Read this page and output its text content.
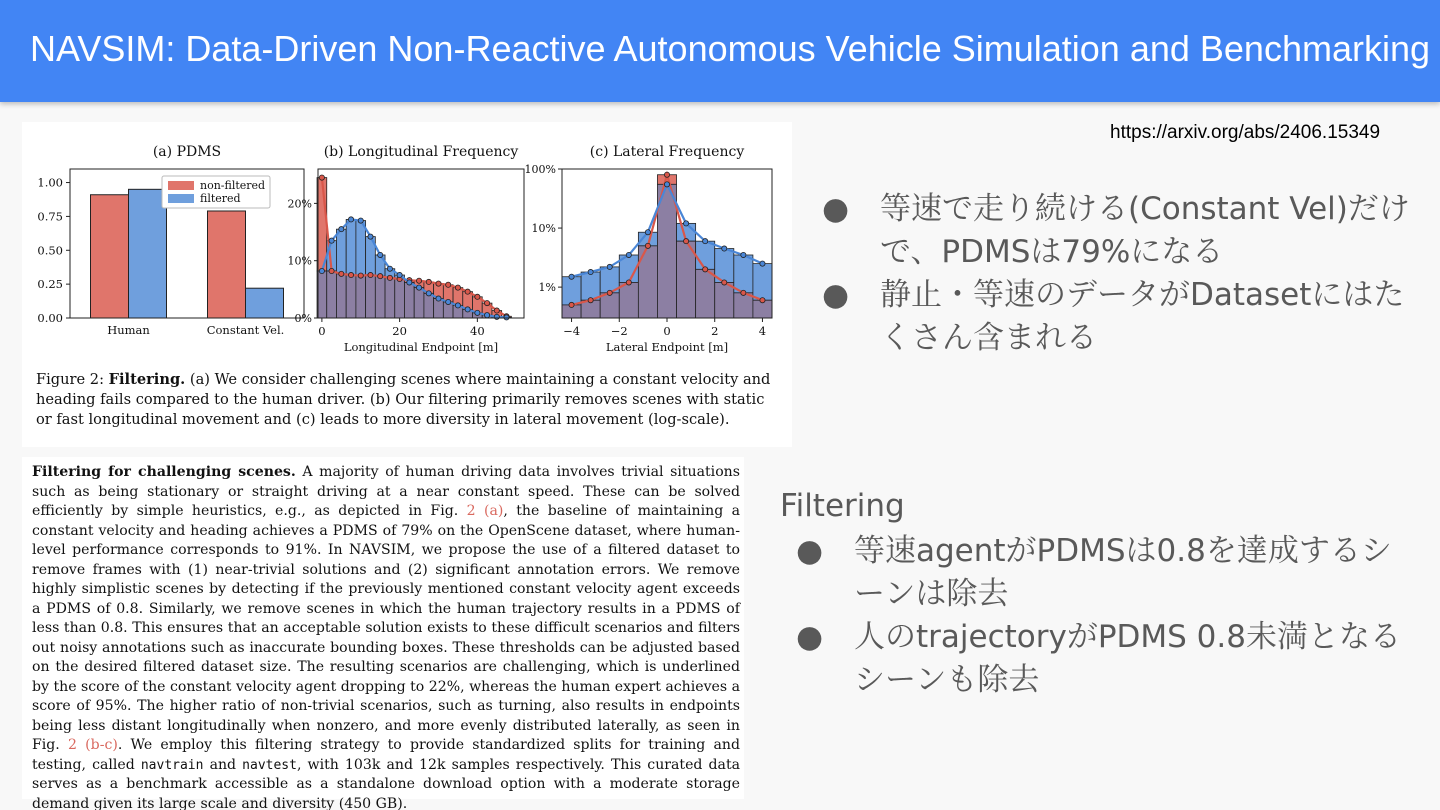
NAVSIM: Data-Driven Non-Reactive Autonomous Vehicle Simulation and Benchmarking
https://arxiv.org/abs/2406.15349
(a) PDMS
Human	Constant Vel.
0.00
0.25
0.50
0.75
1.00	non-filtered
filtered
(b) Longitudinal Frequency
0	20	40
0%
10%
20%
Longitudinal Endpoint [m]
(c) Lateral Frequency
−4	−2	0	2	4
1%
10%
100%
Lateral Endpoint [m]
Figure 2: Filtering. (a) We consider challenging scenes where maintaining a constant velocity and heading fails compared to the human driver. (b) Our filtering primarily removes scenes with static or fast longitudinal movement and (c) leads to more diversity in lateral movement (log-scale).
Filtering for challenging scenes. A majority of human driving data involves trivial situations such as being stationary or straight driving at a near constant speed. These can be solved efficiently by simple heuristics, e.g., as depicted in Fig. 2 (a), the baseline of maintaining a constant velocity and heading achieves a PDMS of 79% on the OpenScene dataset, where human-level performance corresponds to 91%. In NAVSIM, we propose the use of a filtered dataset to remove frames with (1) near-trivial solutions and (2) significant annotation errors. We remove highly simplistic scenes by detecting if the previously mentioned constant velocity agent exceeds a PDMS of 0.8. Similarly, we remove scenes in which the human trajectory results in a PDMS of less than 0.8. This ensures that an acceptable solution exists to these difficult scenarios and filters out noisy annotations such as inaccurate bounding boxes. These thresholds can be adjusted based on the desired filtered dataset size. The resulting scenarios are challenging, which is underlined by the score of the constant velocity agent dropping to 22%, whereas the human expert achieves a score of 95%. The higher ratio of non-trivial scenarios, such as turning, also results in endpoints being less distant longitudinally when nonzero, and more evenly distributed laterally, as seen in Fig. 2 (b-c). We employ this filtering strategy to provide standardized splits for training and testing, called navtrain and navtest, with 103k and 12k samples respectively. This curated data serves as a benchmark accessible as a standalone download option with a moderate storage demand given its large scale and diversity (450 GB).
● 等速で走り続ける(Constant Vel)だけで、PDMSは79%になる
● 静止・等速のデータがDatasetにはたくさん含まれる
Filtering
● 等速agentがPDMSは0.8を達成するシーンは除去
● 人のtrajectoryがPDMS 0.8未満となるシーンも除去
